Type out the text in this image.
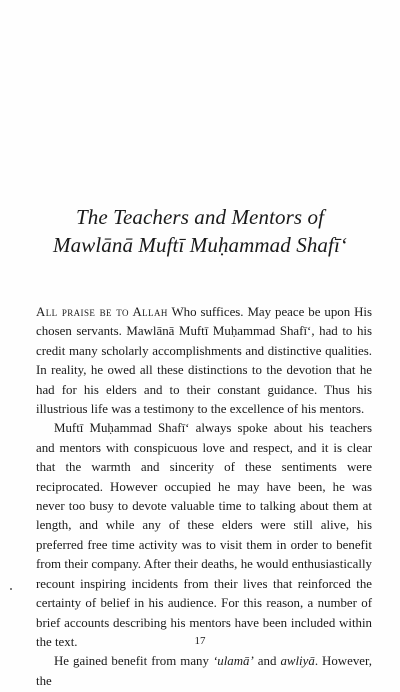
The Teachers and Mentors of
Mawlānā Muftī Muḥammad Shafī‘

All praise be to Allah Who suffices. May peace be upon His chosen servants. Mawlānā Muftī Muḥammad Shafī‘, had to his credit many scholarly accomplishments and distinctive qualities. In reality, he owed all these distinctions to the devotion that he had for his elders and to their constant guidance. Thus his illustrious life was a testimony to the excellence of his mentors.

Muftī Muḥammad Shafī‘ always spoke about his teachers and mentors with conspicuous love and respect, and it is clear that the warmth and sincerity of these sentiments were reciprocated. However occupied he may have been, he was never too busy to devote valuable time to talking about them at length, and while any of these elders were still alive, his preferred free time activity was to visit them in order to benefit from their company. After their deaths, he would enthusiastically recount inspiring incidents from their lives that reinforced the certainty of belief in his audience. For this reason, a number of brief accounts describing his mentors have been included within the text.

He gained benefit from many ‘ulamā’ and awliyā. However, the

17
